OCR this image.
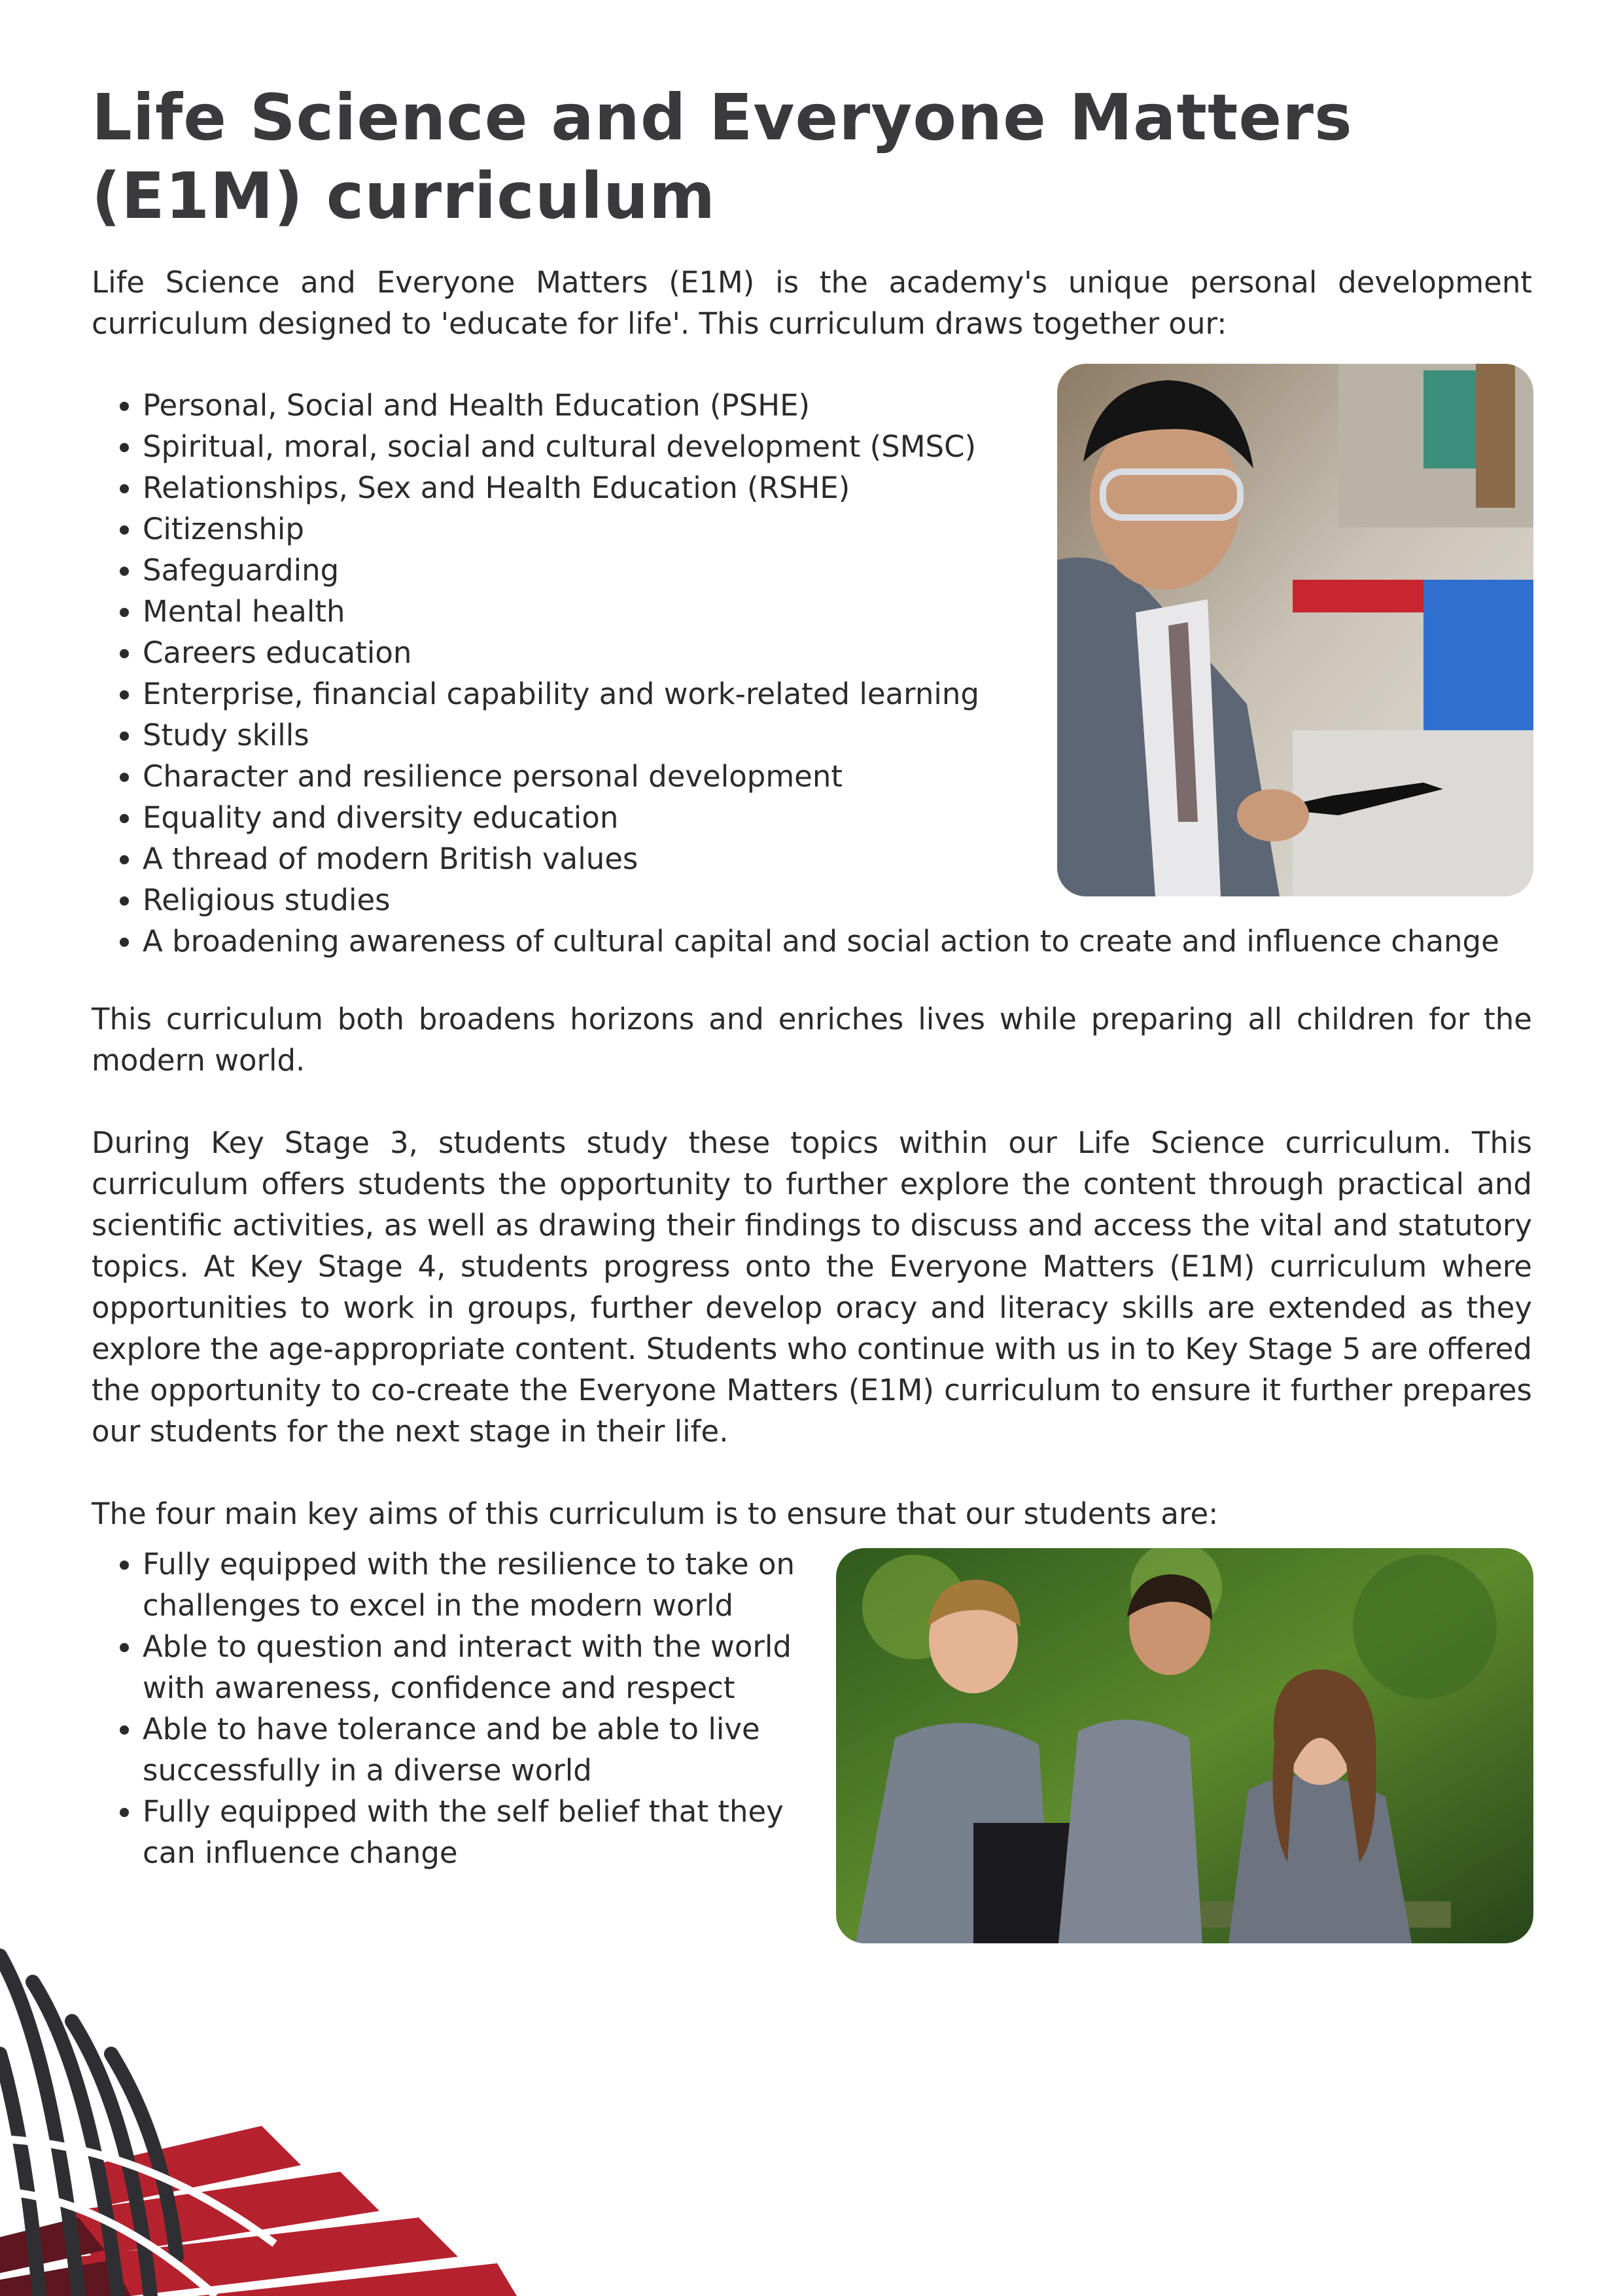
Life Science and Everyone Matters (E1M) curriculum

Life Science and Everyone Matters (E1M) is the academy's unique personal development curriculum designed to 'educate for life'. This curriculum draws together our:

• Personal, Social and Health Education (PSHE)
• Spiritual, moral, social and cultural development (SMSC)
• Relationships, Sex and Health Education (RSHE)
• Citizenship
• Safeguarding
• Mental health
• Careers education
• Enterprise, financial capability and work-related learning
• Study skills
• Character and resilience personal development
• Equality and diversity education
• A thread of modern British values
• Religious studies
• A broadening awareness of cultural capital and social action to create and influence change

This curriculum both broadens horizons and enriches lives while preparing all children for the modern world.

During Key Stage 3, students study these topics within our Life Science curriculum. This curriculum offers students the opportunity to further explore the content through practical and scientific activities, as well as drawing their findings to discuss and access the vital and statutory topics. At Key Stage 4, students progress onto the Everyone Matters (E1M) curriculum where opportunities to work in groups, further develop oracy and literacy skills are extended as they explore the age-appropriate content. Students who continue with us in to Key Stage 5 are offered the opportunity to co-create the Everyone Matters (E1M) curriculum to ensure it further prepares our students for the next stage in their life.

The four main key aims of this curriculum is to ensure that our students are:

• Fully equipped with the resilience to take on challenges to excel in the modern world
• Able to question and interact with the world with awareness, confidence and respect
• Able to have tolerance and be able to live successfully in a diverse world
• Fully equipped with the self belief that they can influence change
